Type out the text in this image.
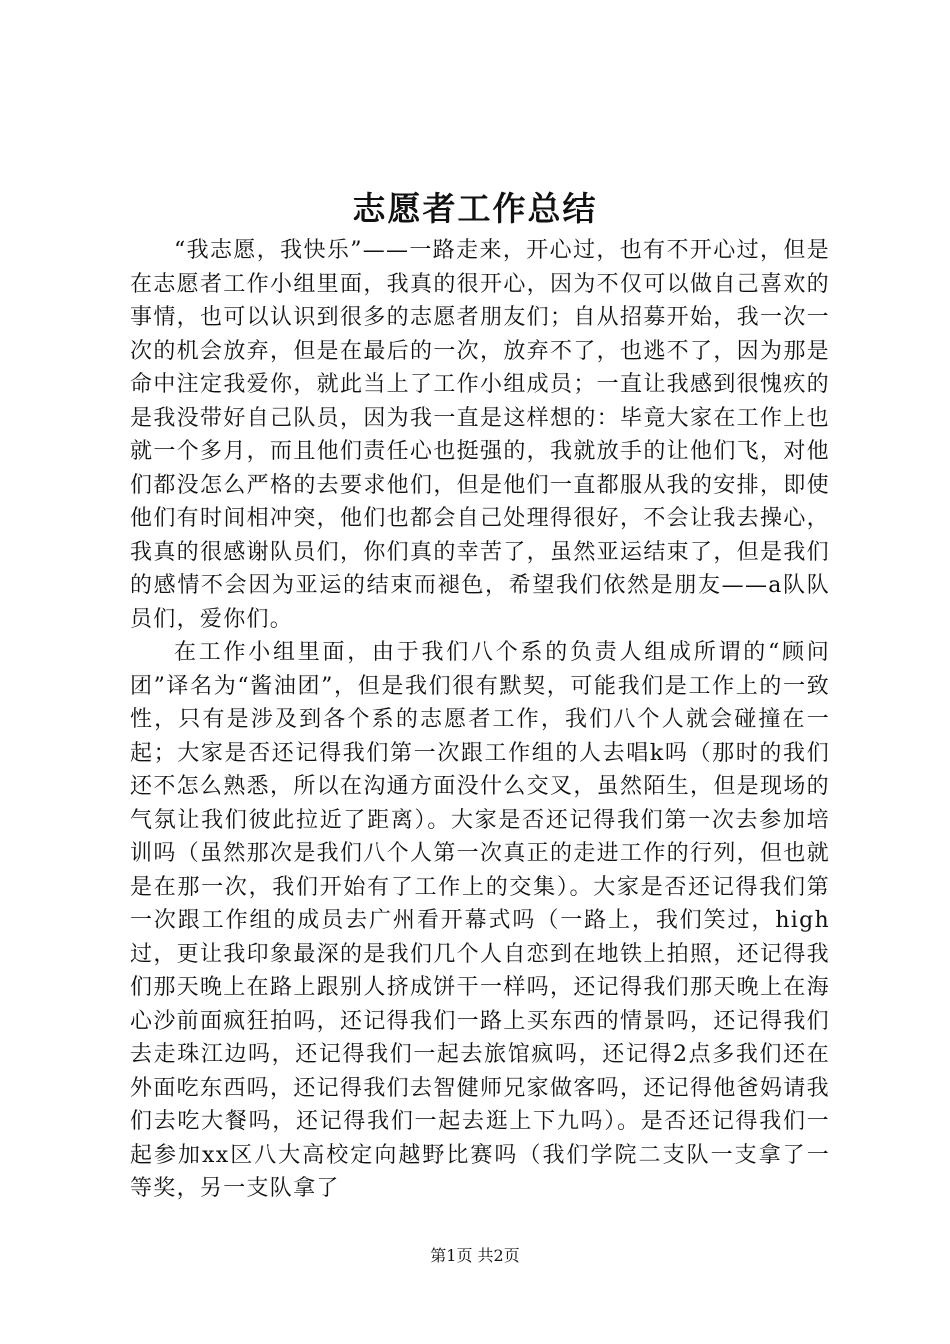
志愿者工作总结

“我志愿，我快乐”——一路走来，开心过，也有不开心过，但是在志愿者工作小组里面，我真的很开心，因为不仅可以做自己喜欢的事情，也可以认识到很多的志愿者朋友们；自从招募开始，我一次一次的机会放弃，但是在最后的一次，放弃不了，也逃不了，因为那是命中注定我爱你，就此当上了工作小组成员；一直让我感到很愧疚的是我没带好自己队员，因为我一直是这样想的：毕竟大家在工作上也就一个多月，而且他们责任心也挺强的，我就放手的让他们飞，对他们都没怎么严格的去要求他们，但是他们一直都服从我的安排，即使他们有时间相冲突，他们也都会自己处理得很好，不会让我去操心，我真的很感谢队员们，你们真的幸苦了，虽然亚运结束了，但是我们的感情不会因为亚运的结束而褪色，希望我们依然是朋友——a队队员们，爱你们。

在工作小组里面，由于我们八个系的负责人组成所谓的“顾问团”译名为“酱油团”，但是我们很有默契，可能我们是工作上的一致性，只有是涉及到各个系的志愿者工作，我们八个人就会碰撞在一起；大家是否还记得我们第一次跟工作组的人去唱k吗（那时的我们还不怎么熟悉，所以在沟通方面没什么交叉，虽然陌生，但是现场的气氛让我们彼此拉近了距离）。大家是否还记得我们第一次去参加培训吗（虽然那次是我们八个人第一次真正的走进工作的行列，但也就是在那一次，我们开始有了工作上的交集）。大家是否还记得我们第一次跟工作组的成员去广州看开幕式吗（一路上，我们笑过，high过，更让我印象最深的是我们几个人自恋到在地铁上拍照，还记得我们那天晚上在路上跟别人挤成饼干一样吗，还记得我们那天晚上在海心沙前面疯狂拍吗，还记得我们一路上买东西的情景吗，还记得我们去走珠江边吗，还记得我们一起去旅馆疯吗，还记得2点多我们还在外面吃东西吗，还记得我们去智健师兄家做客吗，还记得他爸妈请我们去吃大餐吗，还记得我们一起去逛上下九吗）。是否还记得我们一起参加xx区八大高校定向越野比赛吗（我们学院二支队一支拿了一等奖，另一支队拿了

第1页 共2页
